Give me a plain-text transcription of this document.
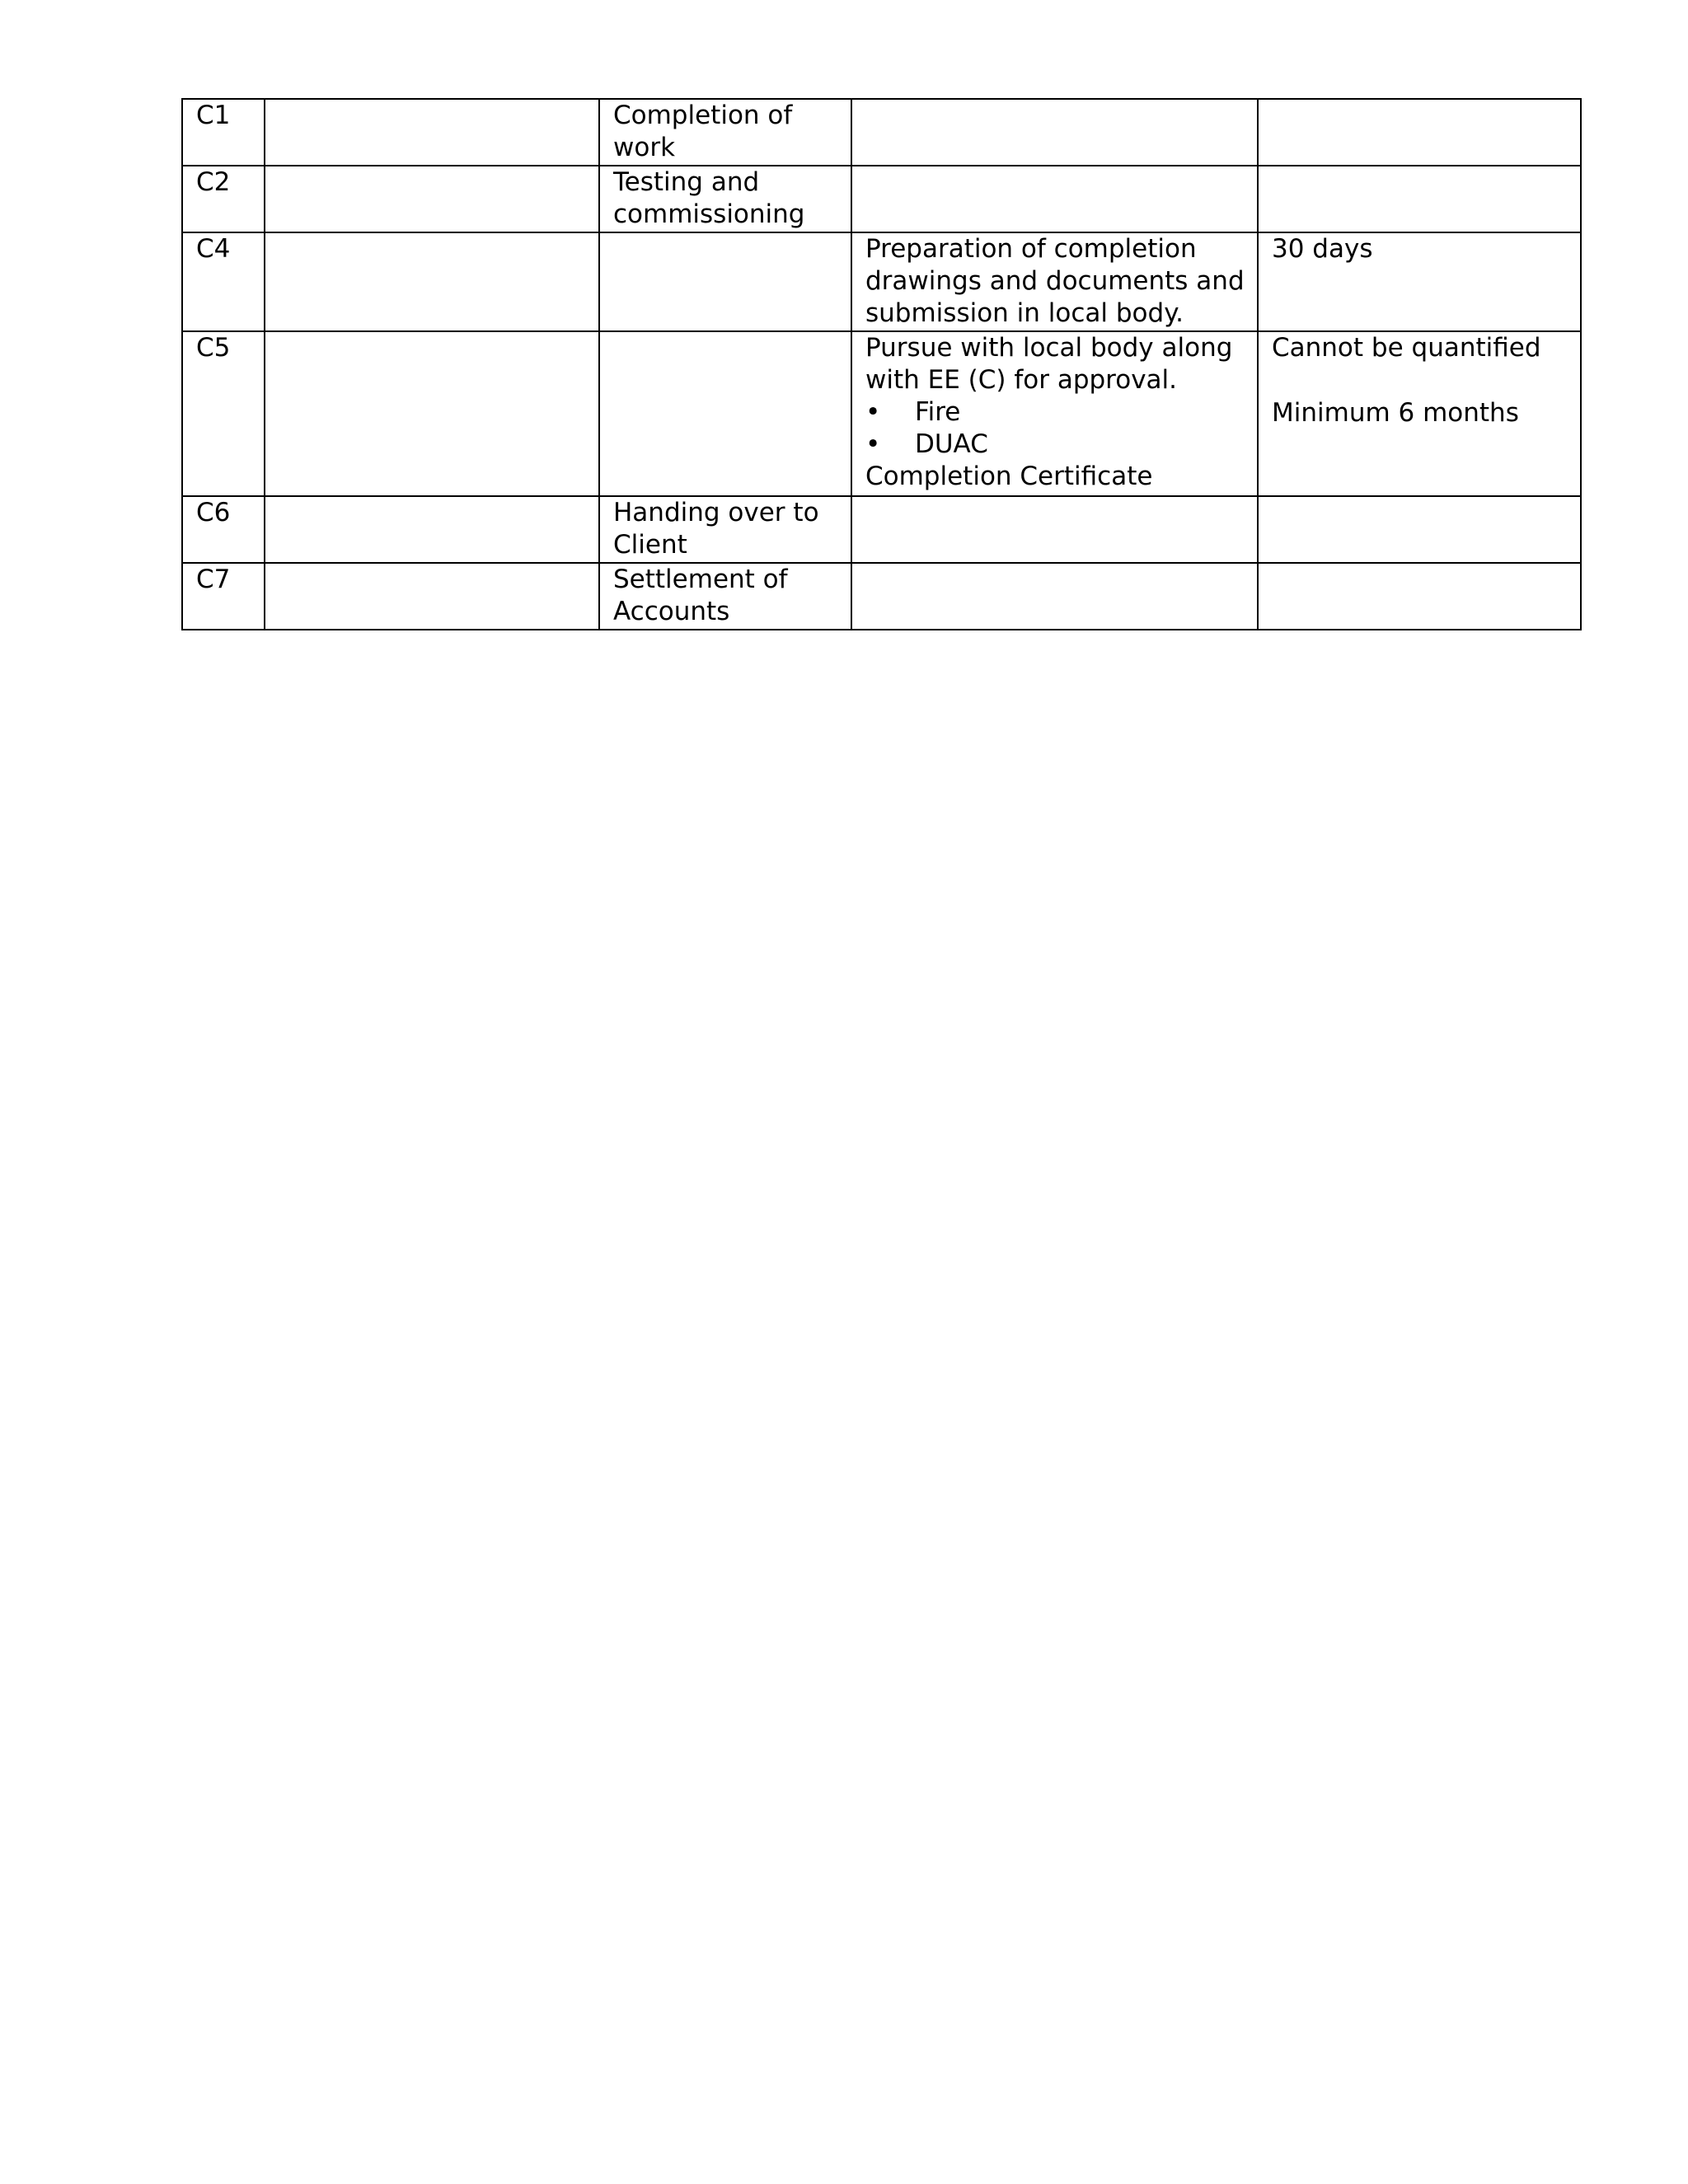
C1		Completion of
work		

C2		Testing and
commissioning		

C4			Preparation of completion
drawings and documents and
submission in local body.	30 days

C5			Pursue with local body along
with EE (C) for approval.
• Fire
• DUAC
Completion Certificate	Cannot be quantified
Minimum 6 months

C6		Handing over to
Client		

C7		Settlement of
Accounts		
